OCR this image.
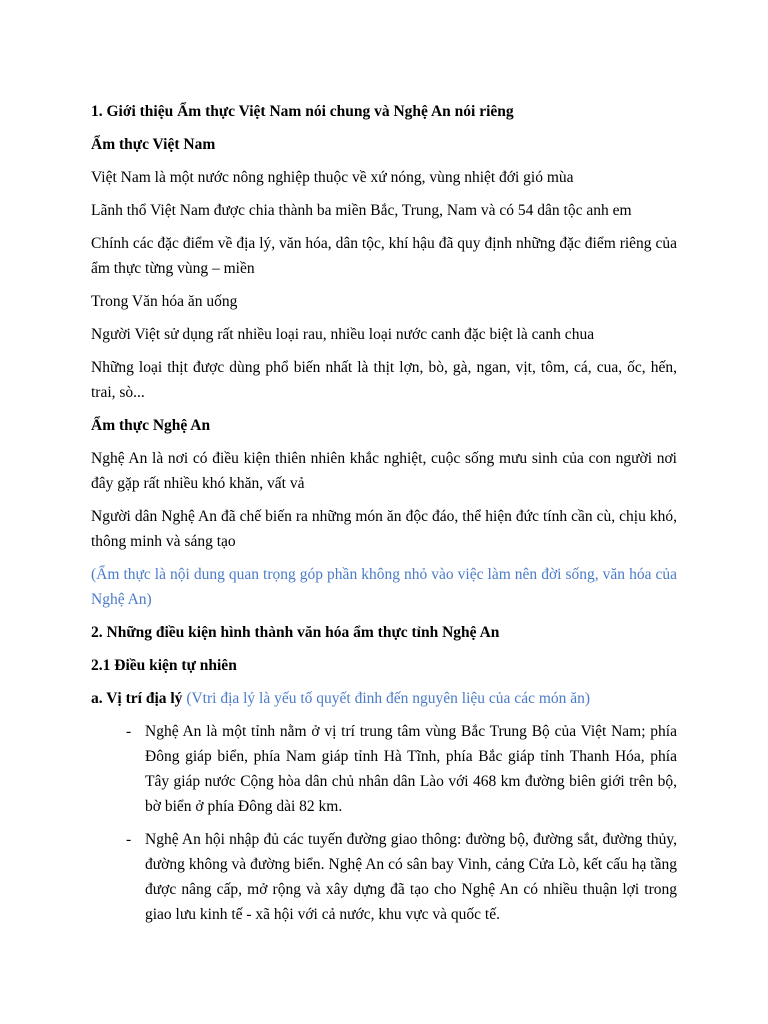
1. Giới thiệu Ẩm thực Việt Nam nói chung và Nghệ An nói riêng

Ẩm thực Việt Nam

Việt Nam là một nước nông nghiệp thuộc về xứ nóng, vùng nhiệt đới gió mùa

Lãnh thổ Việt Nam được chia thành ba miền Bắc, Trung, Nam và có 54 dân tộc anh em

Chính các đặc điểm về địa lý, văn hóa, dân tộc, khí hậu đã quy định những đặc điểm riêng của ẩm thực từng vùng – miền

Trong Văn hóa ăn uống

Người Việt sử dụng rất nhiều loại rau, nhiều loại nước canh đặc biệt là canh chua

Những loại thịt được dùng phổ biến nhất là thịt lợn, bò, gà, ngan, vịt, tôm, cá, cua, ốc, hến, trai, sò...

Ẩm thực Nghệ An

Nghệ An là nơi có điều kiện thiên nhiên khắc nghiệt, cuộc sống mưu sinh của con người nơi đây gặp rất nhiều khó khăn, vất vả

Người dân Nghệ An đã chế biến ra những món ăn độc đáo, thể hiện đức tính cần cù, chịu khó, thông minh và sáng tạo

(Ẩm thực là nội dung quan trọng góp phần không nhỏ vào việc làm nên đời sống, văn hóa của Nghệ An)

2. Những điều kiện hình thành văn hóa ẩm thực tỉnh Nghệ An

2.1 Điều kiện tự nhiên

a. Vị trí địa lý (Vtri địa lý là yếu tố quyết đinh đến nguyên liệu của các món ăn)

- Nghệ An là một tỉnh nằm ở vị trí trung tâm vùng Bắc Trung Bộ của Việt Nam; phía Đông giáp biển, phía Nam giáp tỉnh Hà Tĩnh, phía Bắc giáp tỉnh Thanh Hóa, phía Tây giáp nước Cộng hòa dân chủ nhân dân Lào với 468 km đường biên giới trên bộ, bờ biển ở phía Đông dài 82 km.
- Nghệ An hội nhập đủ các tuyến đường giao thông: đường bộ, đường sắt, đường thủy, đường không và đường biển. Nghệ An có sân bay Vinh, cảng Cửa Lò, kết cấu hạ tầng được nâng cấp, mở rộng và xây dựng đã tạo cho Nghệ An có nhiều thuận lợi trong giao lưu kinh tế - xã hội với cả nước, khu vực và quốc tế.
